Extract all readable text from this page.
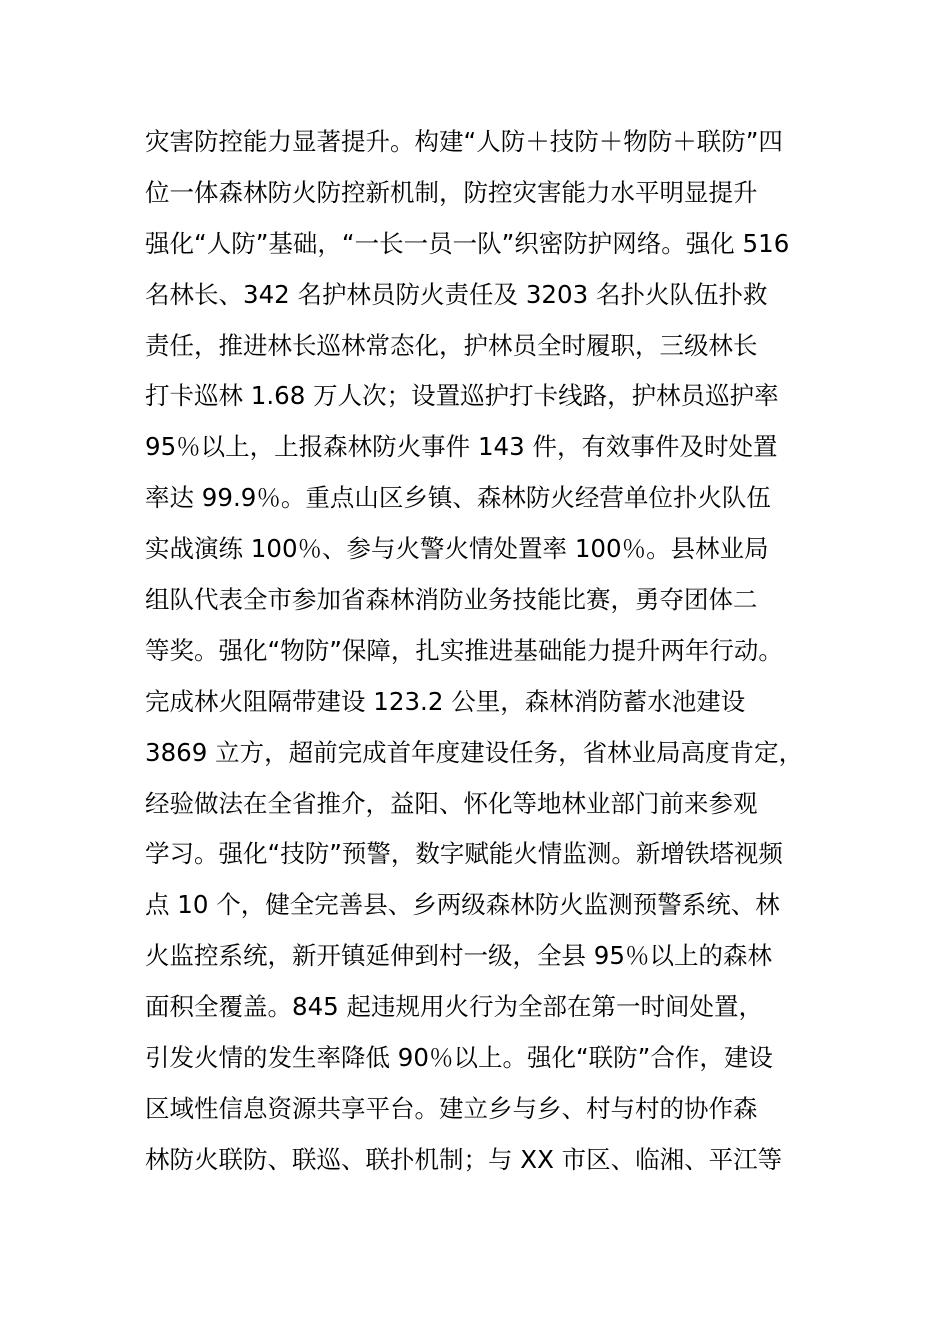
灾害防控能力显著提升。构建“人防＋技防＋物防＋联防”四
位一体森林防火防控新机制，防控灾害能力水平明显提升
强化“人防”基础，“一长一员一队”织密防护网络。强化 516
名林长、342 名护林员防火责任及 3203 名扑火队伍扑救
责任，推进林长巡林常态化，护林员全时履职，三级林长
打卡巡林 1.68 万人次；设置巡护打卡线路，护林员巡护率
95％以上，上报森林防火事件 143 件，有效事件及时处置
率达 99.9％。重点山区乡镇、森林防火经营单位扑火队伍
实战演练 100％、参与火警火情处置率 100％。县林业局
组队代表全市参加省森林消防业务技能比赛，勇夺团体二
等奖。强化“物防”保障，扎实推进基础能力提升两年行动。
完成林火阻隔带建设 123.2 公里，森林消防蓄水池建设
3869 立方，超前完成首年度建设任务，省林业局高度肯定，
经验做法在全省推介，益阳、怀化等地林业部门前来参观
学习。强化“技防”预警，数字赋能火情监测。新增铁塔视频
点 10 个，健全完善县、乡两级森林防火监测预警系统、林
火监控系统，新开镇延伸到村一级，全县 95％以上的森林
面积全覆盖。845 起违规用火行为全部在第一时间处置，
引发火情的发生率降低 90％以上。强化“联防”合作，建设
区域性信息资源共享平台。建立乡与乡、村与村的协作森
林防火联防、联巡、联扑机制；与 XX 市区、临湘、平江等
